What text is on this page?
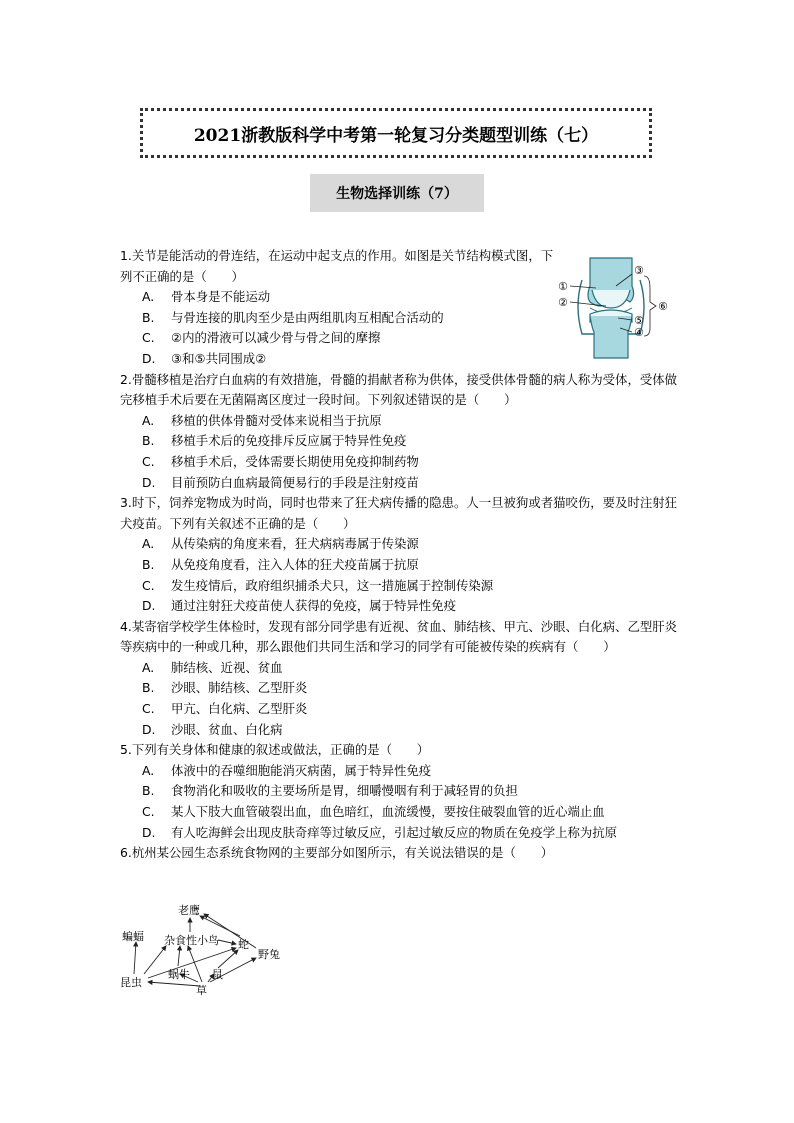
2021浙教版科学中考第一轮复习分类题型训练（七）
生物选择训练（7）
1.关节是能活动的骨连结，在运动中起支点的作用。如图是关节结构模式图，下列不正确的是（　　）
A. 骨本身是不能运动
B. 与骨连接的肌肉至少是由两组肌肉互相配合活动的
C. ②内的滑液可以减少骨与骨之间的摩擦
D. ③和⑤共同围成②
2.骨髓移植是治疗白血病的有效措施，骨髓的捐献者称为供体，接受供体骨髓的病人称为受体，受体做完移植手术后要在无菌隔离区度过一段时间。下列叙述错误的是（　　）
A. 移植的供体骨髓对受体来说相当于抗原
B. 移植手术后的免疫排斥反应属于特异性免疫
C. 移植手术后，受体需要长期使用免疫抑制药物
D. 目前预防白血病最简便易行的手段是注射疫苗
3.时下，饲养宠物成为时尚，同时也带来了狂犬病传播的隐患。人一旦被狗或者猫咬伤，要及时注射狂犬疫苗。下列有关叙述不正确的是（　　）
A. 从传染病的角度来看，狂犬病病毒属于传染源
B. 从免疫角度看，注入人体的狂犬疫苗属于抗原
C. 发生疫情后，政府组织捕杀犬只，这一措施属于控制传染源
D. 通过注射狂犬疫苗使人获得的免疫，属于特异性免疫
4.某寄宿学校学生体检时，发现有部分同学患有近视、贫血、肺结核、甲亢、沙眼、白化病、乙型肝炎等疾病中的一种或几种，那么跟他们共同生活和学习的同学有可能被传染的疾病有（　　）
A. 肺结核、近视、贫血
B. 沙眼、肺结核、乙型肝炎
C. 甲亢、白化病、乙型肝炎
D. 沙眼、贫血、白化病
5.下列有关身体和健康的叙述或做法，正确的是（　　）
A. 体液中的吞噬细胞能消灭病菌，属于特异性免疫
B. 食物消化和吸收的主要场所是胃，细嚼慢咽有利于减轻胃的负担
C. 某人下肢大血管破裂出血，血色暗红，血流缓慢，要按住破裂血管的近心端止血
D. 有人吃海鲜会出现皮肤奇痒等过敏反应，引起过敏反应的物质在免疫学上称为抗原
6.杭州某公园生态系统食物网的主要部分如图所示，有关说法错误的是（　　）
①
②
③
⑤
④
⑥
老鹰
蝙蝠 杂食性小鸟 蛇
野兔
昆虫
蜗牛 鼠
草
